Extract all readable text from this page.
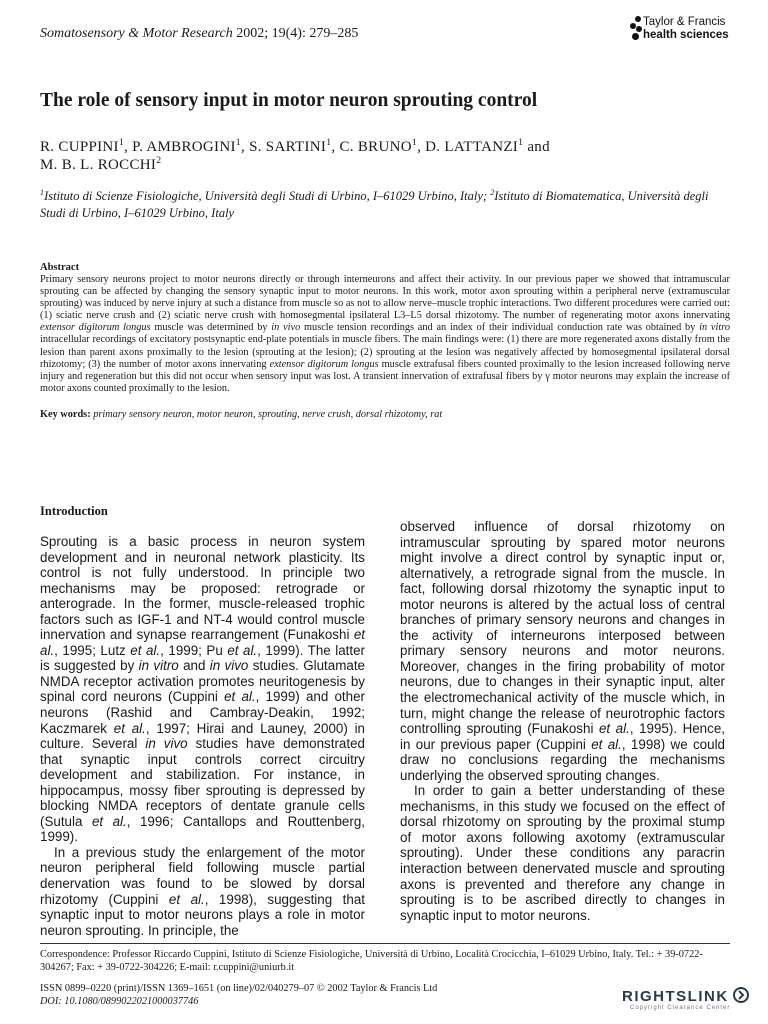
Somatosensory & Motor Research 2002; 19(4): 279–285
Taylor & Francis
health sciences
The role of sensory input in motor neuron sprouting control
R. CUPPINI$^1$, P. AMBROGINI$^1$, S. SARTINI$^1$, C. BRUNO$^1$, D. LATTANZI$^1$ and
M. B. L. ROCCHI$^2$
$^1$Istituto di Scienze Fisiologiche, Università degli Studi di Urbino, I–61029 Urbino, Italy; $^2$Istituto di Biomatematica, Università degli Studi di Urbino, I–61029 Urbino, Italy
Abstract
Primary sensory neurons project to motor neurons directly or through interneurons and affect their activity. In our previous paper we showed that intramuscular sprouting can be affected by changing the sensory synaptic input to motor neurons. In this work, motor axon sprouting within a peripheral nerve (extramuscular sprouting) was induced by nerve injury at such a distance from muscle so as not to allow nerve–muscle trophic interactions. Two different procedures were carried out: (1) sciatic nerve crush and (2) sciatic nerve crush with homosegmental ipsilateral L3–L5 dorsal rhizotomy. The number of regenerating motor axons innervating extensor digitorum longus muscle was determined by in vivo muscle tension recordings and an index of their individual conduction rate was obtained by in vitro intracellular recordings of excitatory postsynaptic end-plate potentials in muscle fibers. The main findings were: (1) there are more regenerated axons distally from the lesion than parent axons proximally to the lesion (sprouting at the lesion); (2) sprouting at the lesion was negatively affected by homosegmental ipsilateral dorsal rhizotomy; (3) the number of motor axons innervating extensor digitorum longus muscle extrafusal fibers counted proximally to the lesion increased following nerve injury and regeneration but this did not occur when sensory input was lost. A transient innervation of extrafusal fibers by γ motor neurons may explain the increase of motor axons counted proximally to the lesion.
Key words: primary sensory neuron, motor neuron, sprouting, nerve crush, dorsal rhizotomy, rat
Introduction

Sprouting is a basic process in neuron system development and in neuronal network plasticity. Its control is not fully understood. In principle two mechanisms may be proposed: retrograde or anterograde. In the former, muscle-released trophic factors such as IGF-1 and NT-4 would control muscle innervation and synapse rearrangement (Funakoshi et al., 1995; Lutz et al., 1999; Pu et al., 1999). The latter is suggested by in vitro and in vivo studies. Glutamate NMDA receptor activation promotes neuritogenesis by spinal cord neurons (Cuppini et al., 1999) and other neurons (Rashid and Cambray-Deakin, 1992; Kaczmarek et al., 1997; Hirai and Launey, 2000) in culture. Several in vivo studies have demonstrated that synaptic input controls correct circuitry development and stabilization. For instance, in hippocampus, mossy fiber sprouting is depressed by blocking NMDA receptors of dentate granule cells (Sutula et al., 1996; Cantallops and Routtenberg, 1999).

In a previous study the enlargement of the motor neuron peripheral field following muscle partial denervation was found to be slowed by dorsal rhizotomy (Cuppini et al., 1998), suggesting that synaptic input to motor neurons plays a role in motor neuron sprouting. In principle, the

observed influence of dorsal rhizotomy on intramuscular sprouting by spared motor neurons might involve a direct control by synaptic input or, alternatively, a retrograde signal from the muscle. In fact, following dorsal rhizotomy the synaptic input to motor neurons is altered by the actual loss of central branches of primary sensory neurons and changes in the activity of interneurons interposed between primary sensory neurons and motor neurons. Moreover, changes in the firing probability of motor neurons, due to changes in their synaptic input, alter the electromechanical activity of the muscle which, in turn, might change the release of neurotrophic factors controlling sprouting (Funakoshi et al., 1995). Hence, in our previous paper (Cuppini et al., 1998) we could draw no conclusions regarding the mechanisms underlying the observed sprouting changes.

In order to gain a better understanding of these mechanisms, in this study we focused on the effect of dorsal rhizotomy on sprouting by the proximal stump of motor axons following axotomy (extramuscular sprouting). Under these conditions any paracrin interaction between denervated muscle and sprouting axons is prevented and therefore any change in sprouting is to be ascribed directly to changes in synaptic input to motor neurons.

Correspondence: Professor Riccardo Cuppini, Istituto di Scienze Fisiologiche, Università di Urbino, Località Crocicchia, I–61029 Urbino, Italy. Tel.: + 39-0722-304267; Fax: + 39-0722-304226; E-mail: r.cuppini@uniurb.it
ISSN 0899–0220 (print)/ISSN 1369–1651 (on line)/02/040279–07 © 2002 Taylor & Francis Ltd
DOI: 10.1080/0899022021000037746	RIGHTSLINK
Copyright Clearance Center
